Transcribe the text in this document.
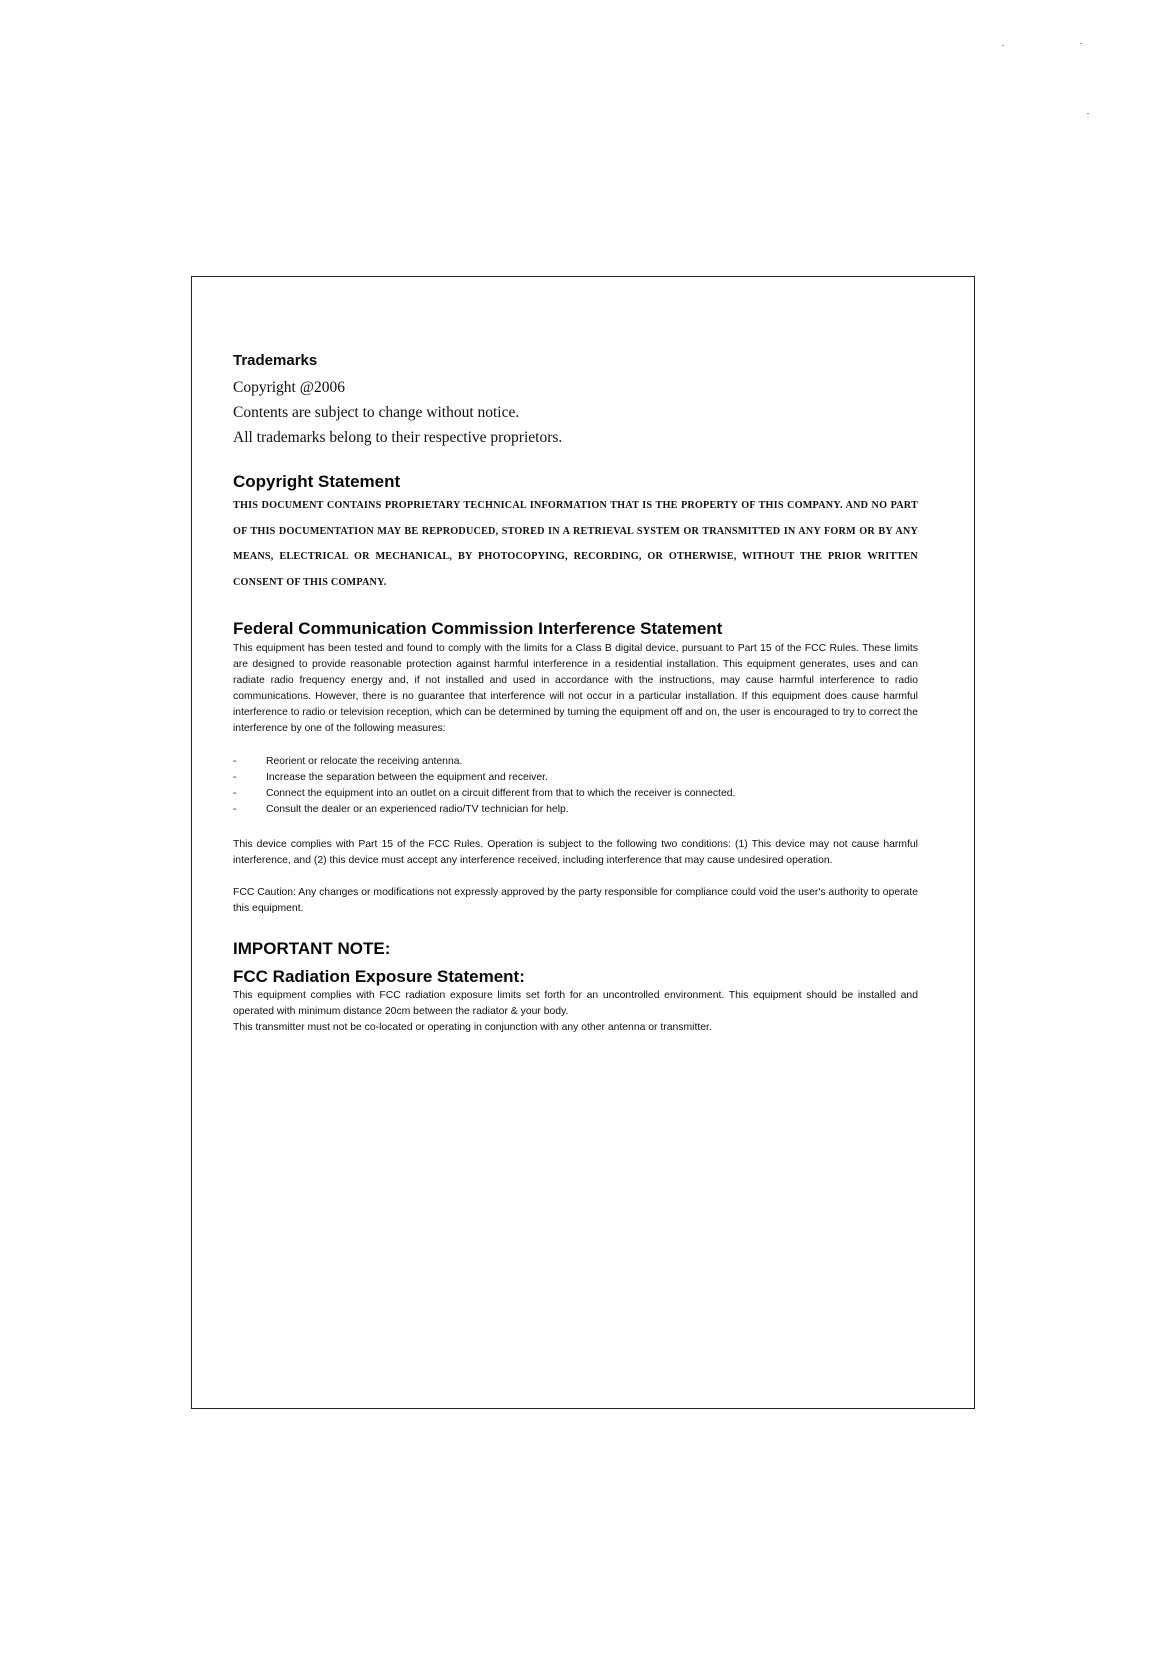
Trademarks

Copyright @2006

Contents are subject to change without notice.

All trademarks belong to their respective proprietors.

Copyright Statement

THIS DOCUMENT CONTAINS PROPRIETARY TECHNICAL INFORMATION THAT IS THE PROPERTY OF THIS COMPANY. AND NO PART OF THIS DOCUMENTATION MAY BE REPRODUCED, STORED IN A RETRIEVAL SYSTEM OR TRANSMITTED IN ANY FORM OR BY ANY MEANS, ELECTRICAL OR MECHANICAL, BY PHOTOCOPYING, RECORDING, OR OTHERWISE, WITHOUT THE PRIOR WRITTEN CONSENT OF THIS COMPANY.

Federal Communication Commission Interference Statement

This equipment has been tested and found to comply with the limits for a Class B digital device, pursuant to Part 15 of the FCC Rules. These limits are designed to provide reasonable protection against harmful interference in a residential installation. This equipment generates, uses and can radiate radio frequency energy and, if not installed and used in accordance with the instructions, may cause harmful interference to radio communications. However, there is no guarantee that interference will not occur in a particular installation. If this equipment does cause harmful interference to radio or television reception, which can be determined by turning the equipment off and on, the user is encouraged to try to correct the interference by one of the following measures:

-	Reorient or relocate the receiving antenna.
-	Increase the separation between the equipment and receiver.
-	Connect the equipment into an outlet on a circuit different from that to which the receiver is connected.
-	Consult the dealer or an experienced radio/TV technician for help.

This device complies with Part 15 of the FCC Rules. Operation is subject to the following two conditions: (1) This device may not cause harmful interference, and (2) this device must accept any interference received, including interference that may cause undesired operation.

FCC Caution: Any changes or modifications not expressly approved by the party responsible for compliance could void the user's authority to operate this equipment.

IMPORTANT NOTE:
FCC Radiation Exposure Statement:

This equipment complies with FCC radiation exposure limits set forth for an uncontrolled environment. This equipment should be installed and operated with minimum distance 20cm between the radiator & your body.

This transmitter must not be co-located or operating in conjunction with any other antenna or transmitter.
